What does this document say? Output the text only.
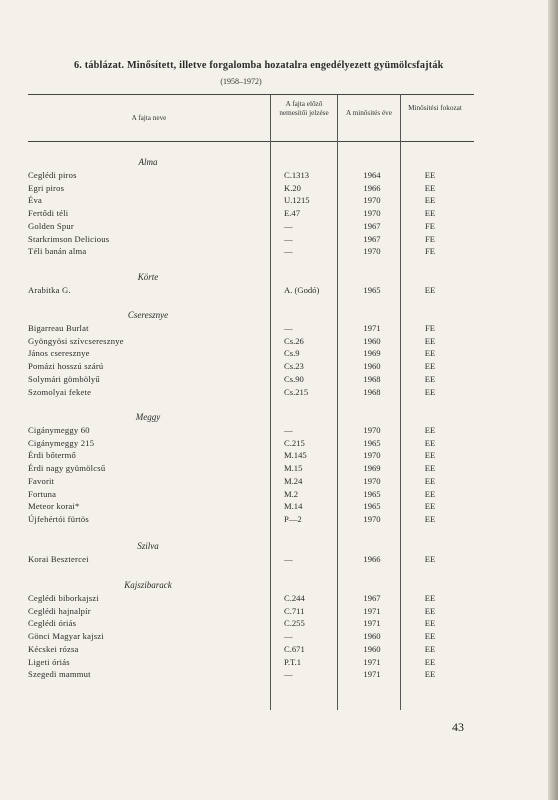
6. táblázat. Minősített, illetve forgalomba hozatalra engedélyezett gyümölcsfajták
(1958–1972)
A fajta neve
A fajta előző nemesítői jelzése	A minősítés éve
Minősítési fokozat
Alma
Ceglédi piros	C.1313	1964	EE
Egri piros	K.20	1966	EE
Éva	U.1215	1970	EE
Fertődi téli	E.47	1970	EE
Golden Spur	—	1967	FE
Starkrimson Delicious	—	1967	FE
Téli banán alma	—	1970	FE
Körte
Arabitka G.	A. (Godó)	1965	EE
Cseresznye
Bigarreau Burlat	—	1971	FE
Gyöngyösi szívcseresznye	Cs.26	1960	EE
János cseresznye	Cs.9	1969	EE
Pomázi hosszú szárú	Cs.23	1960	EE
Solymári gömbölyű	Cs.90	1968	EE
Szomolyai fekete	Cs.215	1968	EE
Meggy
Cigánymeggy 60	—	1970	EE
Cigánymeggy 215	C.215	1965	EE
Érdi bőtermő	M.145	1970	EE
Érdi nagy gyümölcsű	M.15	1969	EE
Favorit	M.24	1970	EE
Fortuna	M.2	1965	EE
Meteor korai*	M.14	1965	EE
Újfehértói fürtös	P—2	1970	EE
Szilva
Korai Besztercei	—	1966	EE
Kajszibarack
Ceglédi biborkajszi	C.244	1967	EE
Ceglédi hajnalpír	C.711	1971	EE
Ceglédi óriás	C.255	1971	EE
Gönci Magyar kajszi	—	1960	EE
Kécskei rózsa	C.671	1960	EE
Ligeti óriás	P.T.1	1971	EE
Szegedi mammut	—	1971	EE
43
